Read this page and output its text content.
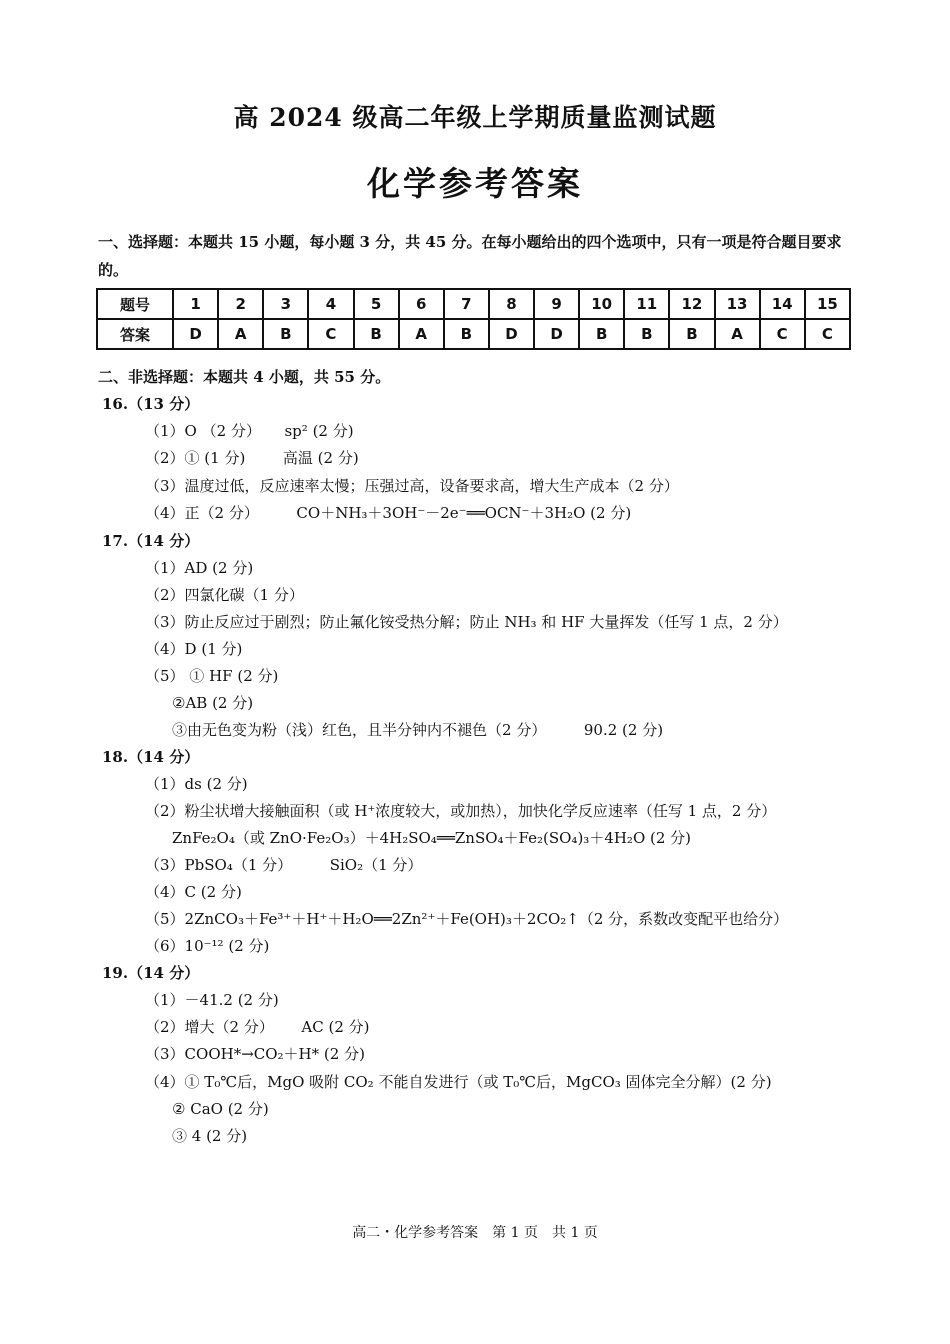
高 2024 级高二年级上学期质量监测试题
化学参考答案
一、选择题：本题共 15 小题，每小题 3 分，共 45 分。在每小题给出的四个选项中，只有一项是符合题目要求的。
题号	1	2	3	4	5	6	7	8	9	10	11	12	13	14	15
答案	D	A	B	C	B	A	B	D	D	B	B	B	A	C	C
二、非选择题：本题共 4 小题，共 55 分。
16.（13 分）
（1）O （2 分） sp² (2 分)
（2）① (1 分)	高温 (2 分)
（3）温度过低，反应速率太慢；压强过高，设备要求高，增大生产成本（2 分）
（4）正（2 分）	CO＋NH₃＋3OH⁻－2e⁻══OCN⁻＋3H₂O (2 分)
17.（14 分）
（1）AD (2 分)
（2）四氯化碳（1 分）
（3）防止反应过于剧烈；防止氟化铵受热分解；防止 NH₃ 和 HF 大量挥发（任写 1 点，2 分）
（4）D (1 分)
（5） ① HF (2 分)
②AB (2 分)
③由无色变为粉（浅）红色，且半分钟内不褪色（2 分）	90.2 (2 分)
18.（14 分）
（1）ds (2 分)
（2）粉尘状增大接触面积（或 H⁺浓度较大，或加热），加快化学反应速率（任写 1 点，2 分）
ZnFe₂O₄（或 ZnO·Fe₂O₃）＋4H₂SO₄══ZnSO₄＋Fe₂(SO₄)₃＋4H₂O (2 分)
（3）PbSO₄（1 分）	SiO₂（1 分）
（4）C (2 分)
（5）2ZnCO₃＋Fe³⁺＋H⁺＋H₂O══2Zn²⁺＋Fe(OH)₃＋2CO₂↑（2 分，系数改变配平也给分）
（6）10⁻¹² (2 分)
19.（14 分）
（1）－41.2 (2 分)
（2）增大（2 分） AC (2 分)
（3）COOH*→CO₂＋H* (2 分)
（4）① T₀℃后，MgO 吸附 CO₂ 不能自发进行（或 T₀℃后，MgCO₃ 固体完全分解）(2 分)
② CaO (2 分)
③ 4 (2 分)
高二・化学参考答案　第 1 页　共 1 页
